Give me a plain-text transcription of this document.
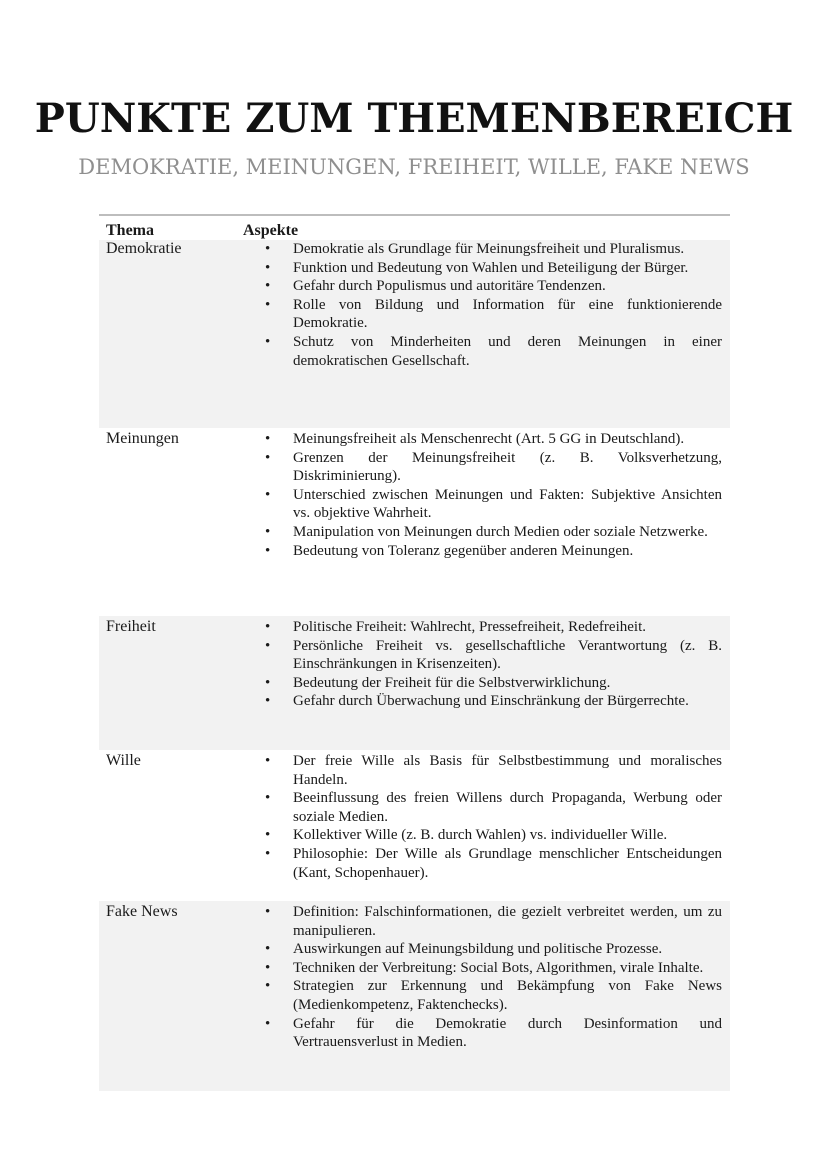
PUNKTE ZUM THEMENBEREICH
DEMOKRATIE, MEINUNGEN, FREIHEIT, WILLE, FAKE NEWS
Thema	Aspekte
Demokratie	• Demokratie als Grundlage für Meinungsfreiheit und Pluralismus.
• Funktion und Bedeutung von Wahlen und Beteiligung der Bürger.
• Gefahr durch Populismus und autoritäre Tendenzen.
• Rolle von Bildung und Information für eine funktionierende Demokratie.
• Schutz von Minderheiten und deren Meinungen in einer demokratischen Gesellschaft.
Meinungen	• Meinungsfreiheit als Menschenrecht (Art. 5 GG in Deutschland).
• Grenzen der Meinungsfreiheit (z. B. Volksverhetzung, Diskriminierung).
• Unterschied zwischen Meinungen und Fakten: Subjektive Ansichten vs. objektive Wahrheit.
• Manipulation von Meinungen durch Medien oder soziale Netzwerke.
• Bedeutung von Toleranz gegenüber anderen Meinungen.
Freiheit	• Politische Freiheit: Wahlrecht, Pressefreiheit, Redefreiheit.
• Persönliche Freiheit vs. gesellschaftliche Verantwortung (z. B. Einschränkungen in Krisenzeiten).
• Bedeutung der Freiheit für die Selbstverwirklichung.
• Gefahr durch Überwachung und Einschränkung der Bürgerrechte.
Wille	• Der freie Wille als Basis für Selbstbestimmung und moralisches Handeln.
• Beeinflussung des freien Willens durch Propaganda, Werbung oder soziale Medien.
• Kollektiver Wille (z. B. durch Wahlen) vs. individueller Wille.
• Philosophie: Der Wille als Grundlage menschlicher Entscheidungen (Kant, Schopenhauer).
Fake News	• Definition: Falschinformationen, die gezielt verbreitet werden, um zu manipulieren.
• Auswirkungen auf Meinungsbildung und politische Prozesse.
• Techniken der Verbreitung: Social Bots, Algorithmen, virale Inhalte.
• Strategien zur Erkennung und Bekämpfung von Fake News (Medienkompetenz, Faktenchecks).
• Gefahr für die Demokratie durch Desinformation und Vertrauensverlust in Medien.
